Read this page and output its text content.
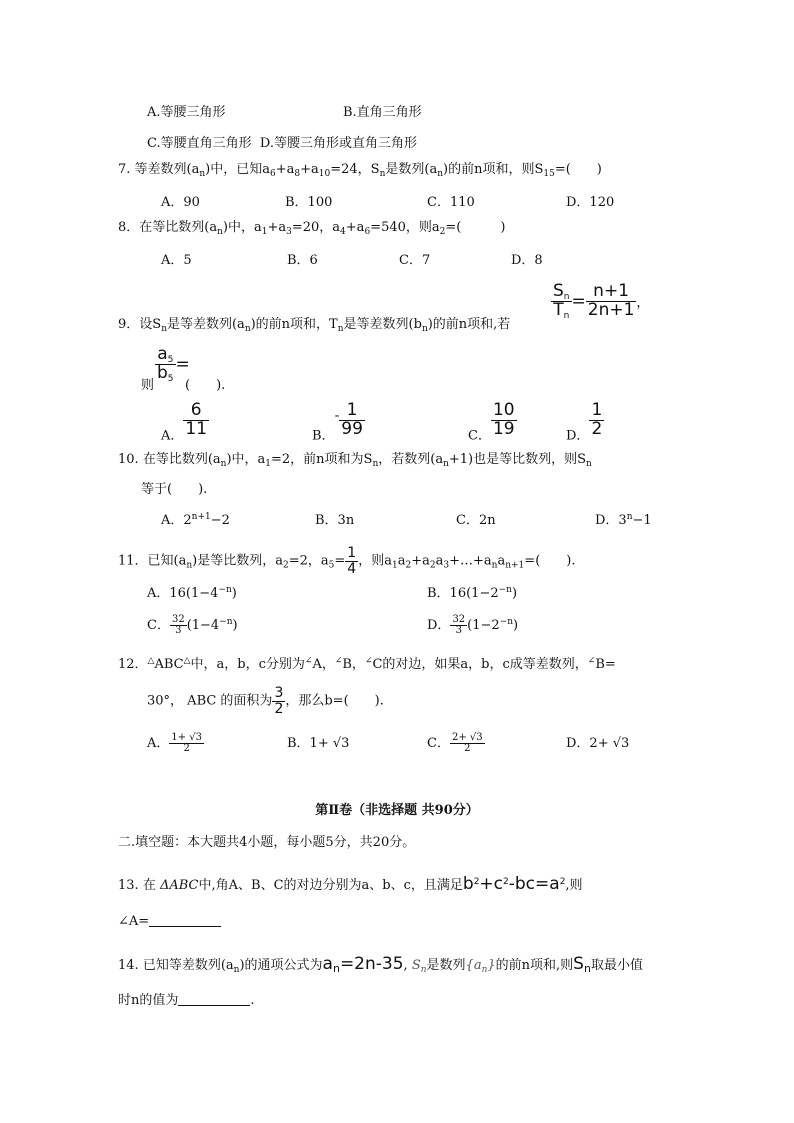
A.等腰三角形	B.直角三角形
C.等腰直角三角形 D.等腰三角形或直角三角形
7. 等差数列$(a_n)$中，已知$a_6+a_8+a_{10}=24$，$S_n$是数列$(a_n)$的前n项和，则$S_{15}=$(　　)
A．90	B．100	C．110	D．120
8．在等比数列$(a_n)$中，$a_1+a_3=20$，$a_4+a_6=540$，则$a_2=$(　　　)
A．5	B．6	C．7	D．8
9．设$S_n$是等差数列$(a_n)$的前n项和，$T_n$是等差数列$(b_n)$的前n项和,若
$\frac{S_n}{T_n} = \frac{n+1}{2n+1}$ ，
则
$\frac{a_5}{b_5}$ =
(　　).
$_{A.} \frac{6}{11}$	$_{B.}^- \frac{1}{99}$	$_{C.} \frac{10}{19}$	$_{D.} \frac{1}{2}$
10. 在等比数列$(a_n)$中，$a_1=2$，前n项和为$S_n$，若数列$(a_n+1)$也是等比数列，则$S_n$
等于(　　).
A．$2^{n+1}-2$	B．3n	C．2n	D．$3^n-1$
11．已知$(a_n)$是等比数列，$a_2=2$，$a_5= \frac{1}{4}$ ，则$a_1a_2+a_2a_3+\dots+a_na_{n+1}=$(　　).
A．$16(1-4^{-n})$	B．$16(1-2^{-n})$
C． $\frac{32}{3} (1-4^{-n})$	D． $\frac{32}{3} (1-2^{-n})$
12．△ABC△中，a，b，c分别为∠A，∠B，∠C的对边，如果a，b，c成等差数列，∠B=
30°， ABC 的面积为 $\frac{3}{2}$ ，那么b=(　　).
A． $\frac{1+ √3}{2}$	B．1+ √3	C． $\frac{2+ √3}{2}$	D．2+ √3
第Ⅱ卷（非选择题 共90分）
二.填空题：本大题共4小题，每小题5分，共20分。
13. 在 ΔABC中,角A、B、C的对边分别为a、b、c，且满足$b^2+c^2-bc=a^2$,则
∠A=
14. 已知等差数列$(a_n)$的通项公式为$a_n=2n-35$, $S_n$是数列$\{a_n\}$的前n项和,则$S_n$取最小值
时n的值为	.
